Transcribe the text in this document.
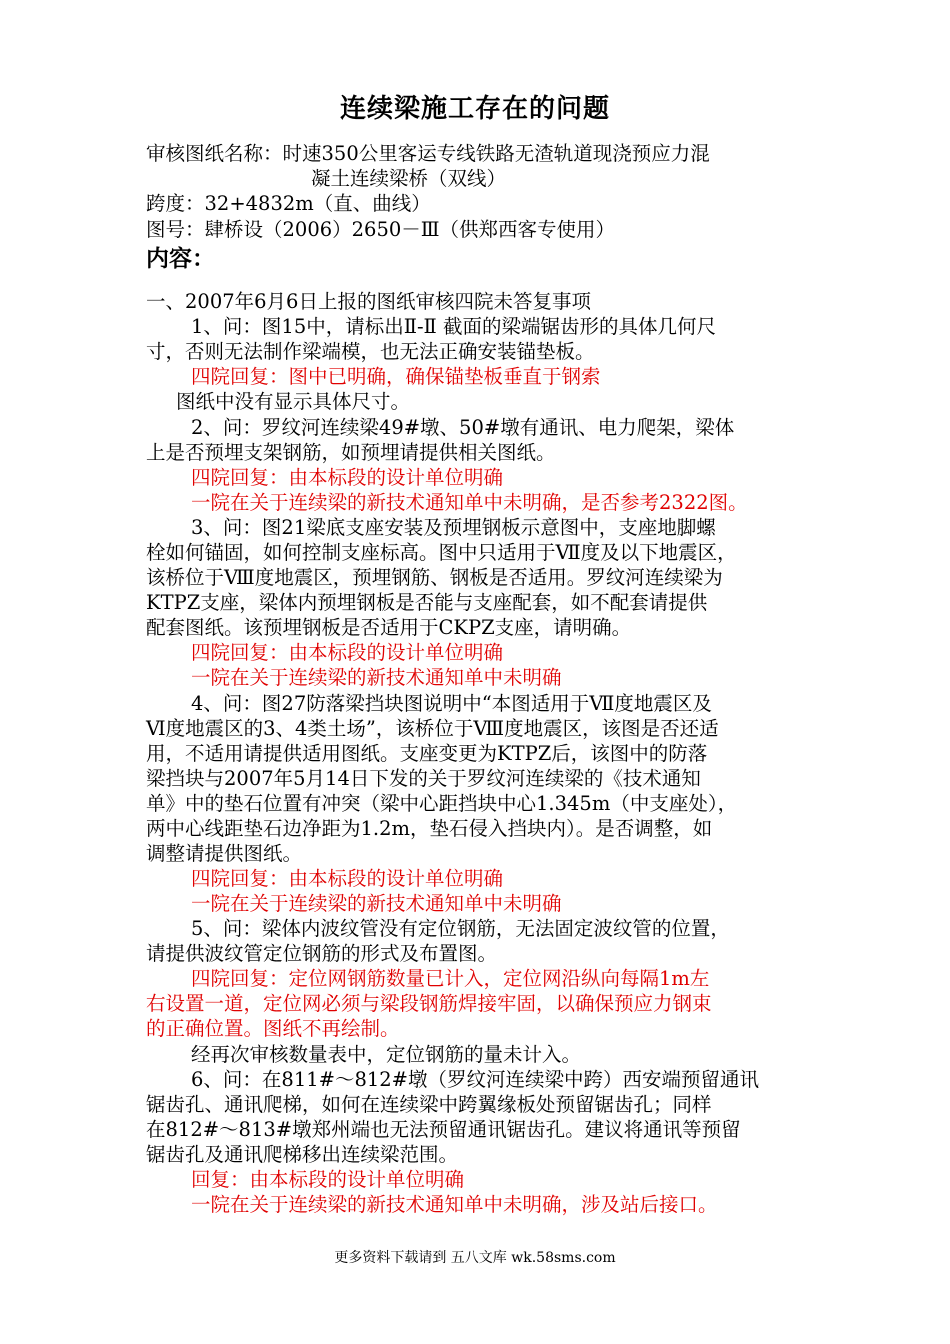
连续梁施工存在的问题
审核图纸名称：时速350公里客运专线铁路无渣轨道现浇预应力混
凝土连续梁桥（双线）
跨度：32+4832m（直、曲线）
图号：肆桥设（2006）2650－Ⅲ（供郑西客专使用）
内容：
一、2007年6月6日上报的图纸审核四院未答复事项
1、问：图15中，请标出Ⅱ-Ⅱ 截面的梁端锯齿形的具体几何尺
寸，否则无法制作梁端模，也无法正确安装锚垫板。
四院回复：图中已明确，确保锚垫板垂直于钢索
图纸中没有显示具体尺寸。
2、问：罗纹河连续梁49#墩、50#墩有通讯、电力爬架，梁体
上是否预埋支架钢筋，如预埋请提供相关图纸。
四院回复：由本标段的设计单位明确
一院在关于连续梁的新技术通知单中未明确，是否参考2322图。
3、问：图21梁底支座安装及预埋钢板示意图中，支座地脚螺
栓如何锚固，如何控制支座标高。图中只适用于Ⅶ度及以下地震区，
该桥位于Ⅷ度地震区，预埋钢筋、钢板是否适用。罗纹河连续梁为
KTPZ支座，梁体内预埋钢板是否能与支座配套，如不配套请提供
配套图纸。该预埋钢板是否适用于CKPZ支座，请明确。
四院回复：由本标段的设计单位明确
一院在关于连续梁的新技术通知单中未明确
4、问：图27防落梁挡块图说明中“本图适用于Ⅶ度地震区及
Ⅵ度地震区的3、4类土场”，该桥位于Ⅷ度地震区，该图是否还适
用，不适用请提供适用图纸。支座变更为KTPZ后，该图中的防落
梁挡块与2007年5月14日下发的关于罗纹河连续梁的《技术通知
单》中的垫石位置有冲突（梁中心距挡块中心1.345m（中支座处），
两中心线距垫石边净距为1.2m，垫石侵入挡块内）。是否调整，如
调整请提供图纸。
四院回复：由本标段的设计单位明确
一院在关于连续梁的新技术通知单中未明确
5、问：梁体内波纹管没有定位钢筋，无法固定波纹管的位置，
请提供波纹管定位钢筋的形式及布置图。
四院回复：定位网钢筋数量已计入，定位网沿纵向每隔1m左
右设置一道，定位网必须与梁段钢筋焊接牢固，以确保预应力钢束
的正确位置。图纸不再绘制。
经再次审核数量表中，定位钢筋的量未计入。
6、问：在811#～812#墩（罗纹河连续梁中跨）西安端预留通讯
锯齿孔、通讯爬梯，如何在连续梁中跨翼缘板处预留锯齿孔；同样
在812#～813#墩郑州端也无法预留通讯锯齿孔。建议将通讯等预留
锯齿孔及通讯爬梯移出连续梁范围。
回复：由本标段的设计单位明确
一院在关于连续梁的新技术通知单中未明确，涉及站后接口。
更多资料下载请到 五八文库 wk.58sms.com
